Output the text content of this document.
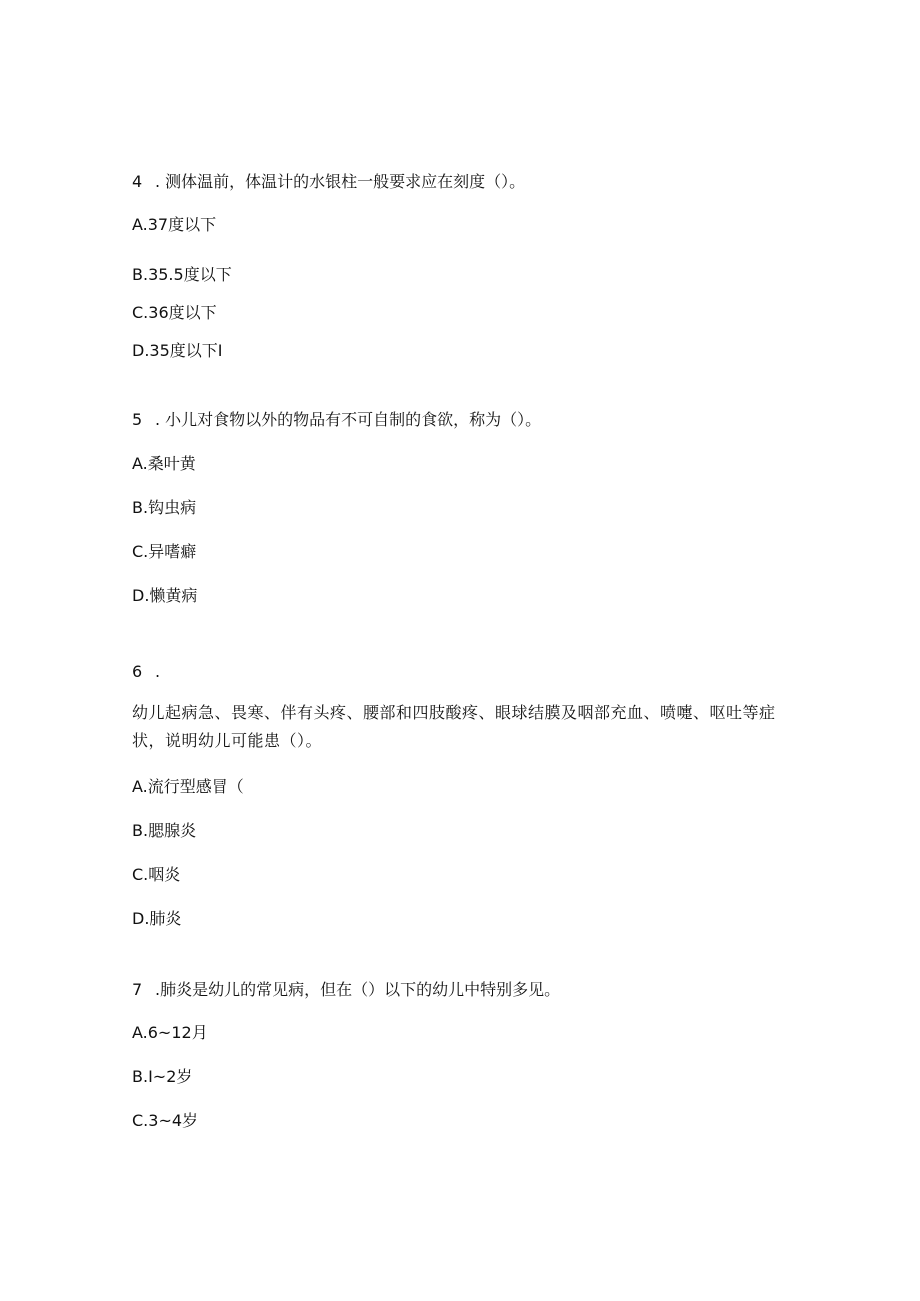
4 . 测体温前，体温计的水银柱一般要求应在刻度（）。
A.37度以下
B.35.5度以下
C.36度以下
D.35度以下I
5 . 小儿对食物以外的物品有不可自制的食欲，称为（）。
A.桑叶黄
B.钩虫病
C.异嗜癖
D.懒黄病
6 .
幼儿起病急、畏寒、伴有头疼、腰部和四肢酸疼、眼球结膜及咽部充血、喷嚏、呕吐等症状，说明幼儿可能患（）。
A.流行型感冒（
B.腮腺炎
C.咽炎
D.肺炎
7 .肺炎是幼儿的常见病，但在（）以下的幼儿中特别多见。
A.6~12月
B.I~2岁
C.3~4岁
